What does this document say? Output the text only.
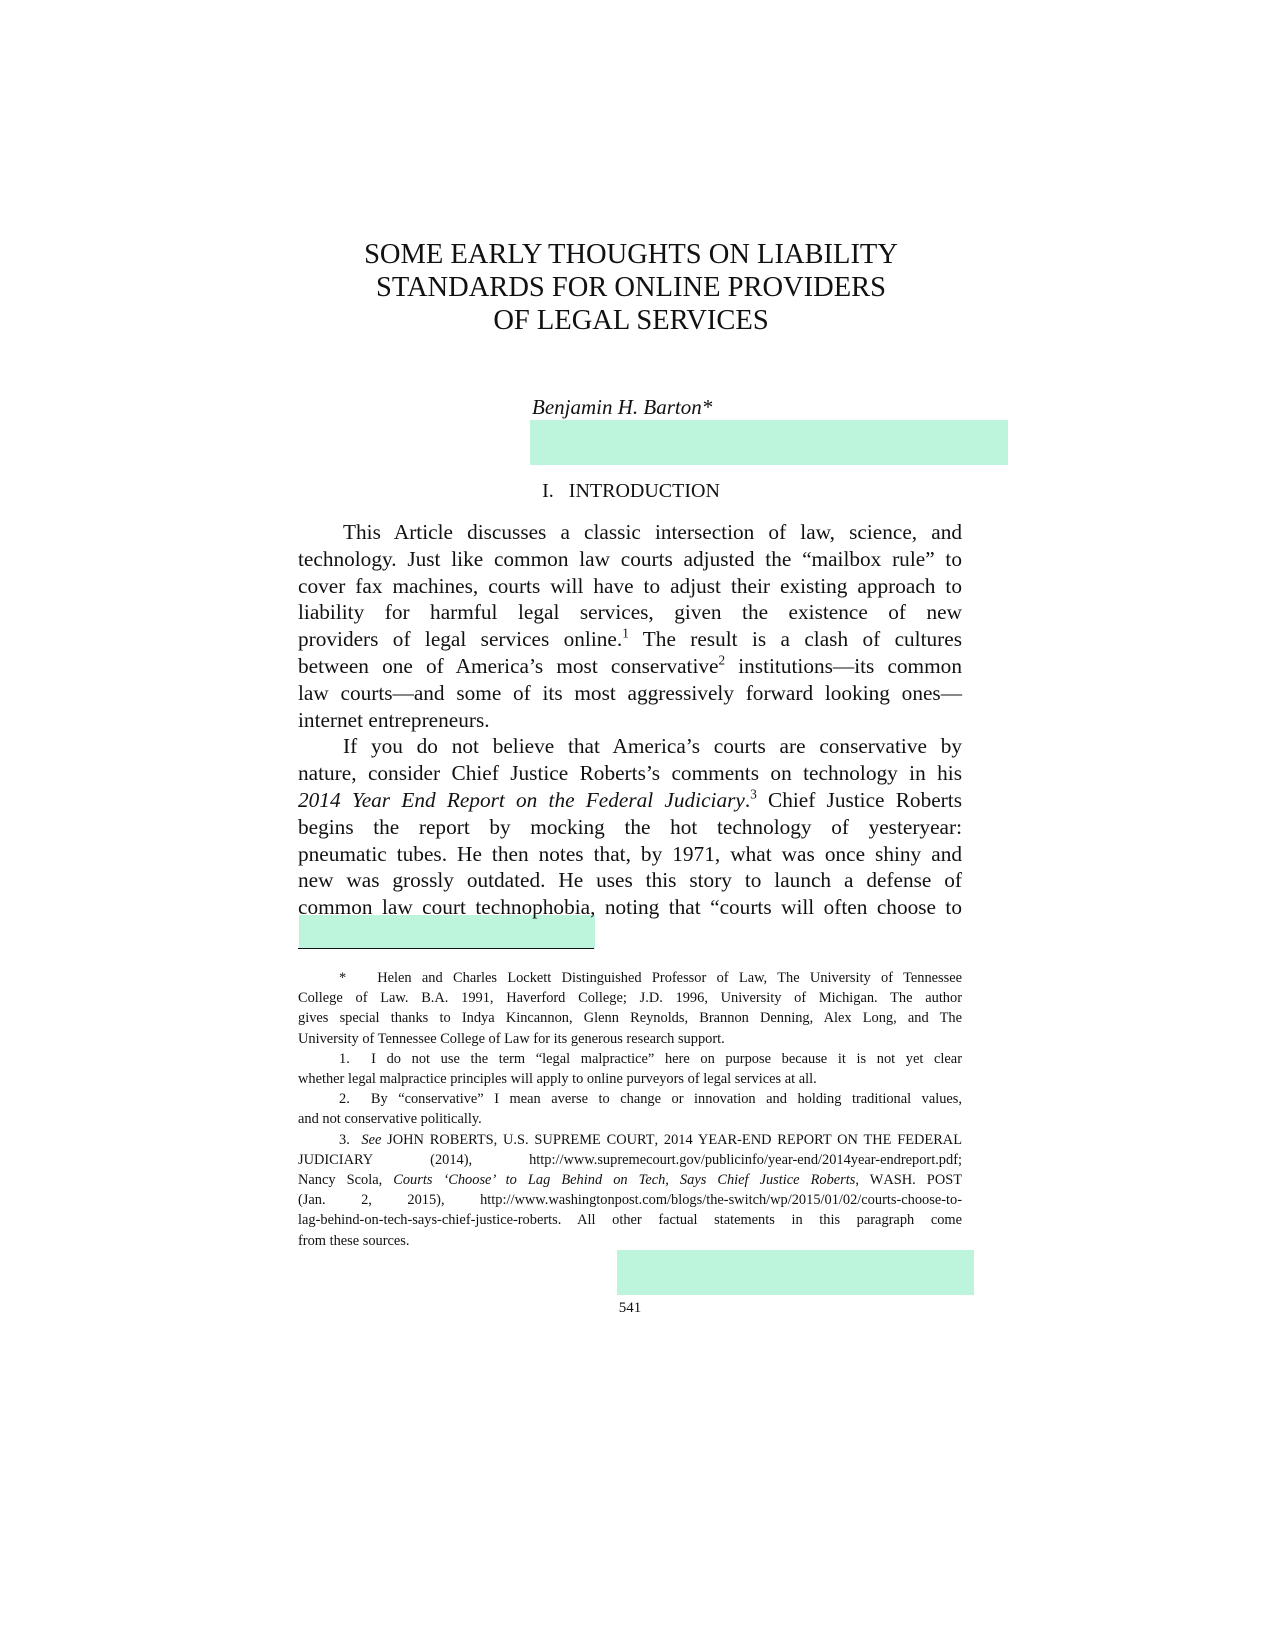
SOME EARLY THOUGHTS ON LIABILITY
STANDARDS FOR ONLINE PROVIDERS
OF LEGAL SERVICES
Benjamin H. Barton*
I. INTRODUCTION
This Article discusses a classic intersection of law, science, and
technology. Just like common law courts adjusted the “mailbox rule” to
cover fax machines, courts will have to adjust their existing approach to
liability for harmful legal services, given the existence of new
providers of legal services online.$^1$ The result is a clash of cultures
between one of America’s most conservative$^2$ institutions—its common
law courts—and some of its most aggressively forward looking ones—
internet entrepreneurs.
If you do not believe that America’s courts are conservative by
nature, consider Chief Justice Roberts’s comments on technology in his
2014 Year End Report on the Federal Judiciary.$^3$ Chief Justice Roberts
begins the report by mocking the hot technology of yesteryear:
pneumatic tubes. He then notes that, by 1971, what was once shiny and
new was grossly outdated. He uses this story to launch a defense of
common law court technophobia, noting that “courts will often choose to
* Helen and Charles Lockett Distinguished Professor of Law, The University of Tennessee
College of Law. B.A. 1991, Haverford College; J.D. 1996, University of Michigan. The author
gives special thanks to Indya Kincannon, Glenn Reynolds, Brannon Denning, Alex Long, and The
University of Tennessee College of Law for its generous research support.
1. I do not use the term “legal malpractice” here on purpose because it is not yet clear
whether legal malpractice principles will apply to online purveyors of legal services at all.
2. By “conservative” I mean averse to change or innovation and holding traditional values,
and not conservative politically.
3. See JOHN ROBERTS, U.S. SUPREME COURT, 2014 YEAR-END REPORT ON THE FEDERAL
JUDICIARY (2014), http://www.supremecourt.gov/publicinfo/year-end/2014year-endreport.pdf;
Nancy Scola, Courts ‘Choose’ to Lag Behind on Tech, Says Chief Justice Roberts, WASH. POST
(Jan. 2, 2015), http://www.washingtonpost.com/blogs/the-switch/wp/2015/01/02/courts-choose-to-
lag-behind-on-tech-says-chief-justice-roberts. All other factual statements in this paragraph come
from these sources.
541
